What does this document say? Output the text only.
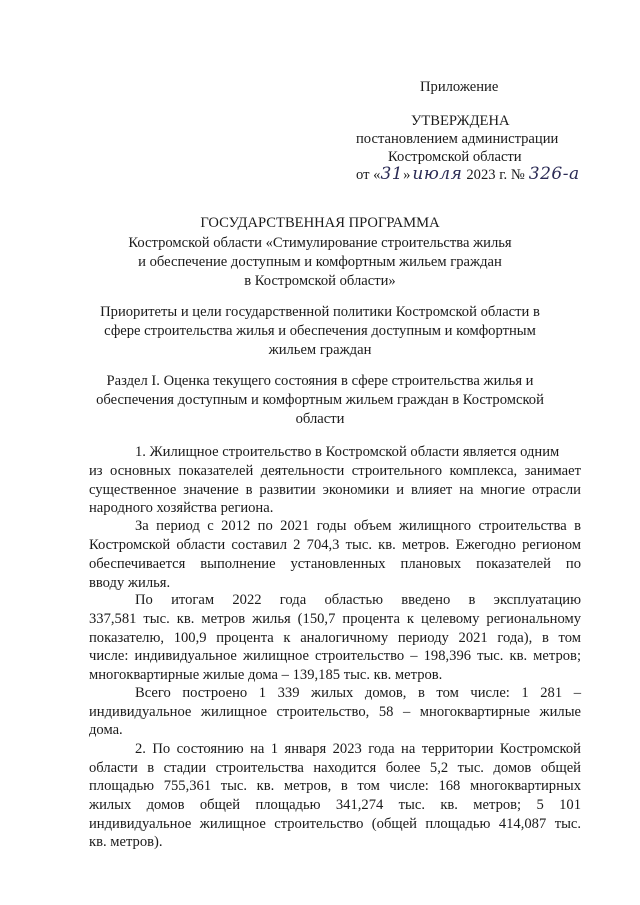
Приложение
УТВЕРЖДЕНА
постановлением администрации
Костромской области
от «31» июля 2023 г. № 326-а
ГОСУДАРСТВЕННАЯ ПРОГРАММА
Костромской области «Стимулирование строительства жилья
и обеспечение доступным и комфортным жильем граждан
в Костромской области»
Приоритеты и цели государственной политики Костромской области в
сфере строительства жилья и обеспечения доступным и комфортным
жильем граждан
Раздел I. Оценка текущего состояния в сфере строительства жилья и
обеспечения доступным и комфортным жильем граждан в Костромской
области
1. Жилищное строительство в Костромской области является одним
из основных показателей деятельности строительного комплекса, занимает
существенное значение в развитии экономики и влияет на многие отрасли
народного хозяйства региона.
За период с 2012 по 2021 годы объем жилищного строительства в
Костромской области составил 2 704,3 тыс. кв. метров. Ежегодно регионом
обеспечивается выполнение установленных плановых показателей по
вводу жилья.
По итогам 2022 года областью введено в эксплуатацию
337,581 тыс. кв. метров жилья (150,7 процента к целевому региональному
показателю, 100,9 процента к аналогичному периоду 2021 года), в том
числе: индивидуальное жилищное строительство – 198,396 тыс. кв. метров;
многоквартирные жилые дома – 139,185 тыс. кв. метров.
Всего построено 1 339 жилых домов, в том числе: 1 281 –
индивидуальное жилищное строительство, 58 – многоквартирные жилые
дома.
2. По состоянию на 1 января 2023 года на территории Костромской
области в стадии строительства находится более 5,2 тыс. домов общей
площадью 755,361 тыс. кв. метров, в том числе: 168 многоквартирных
жилых домов общей площадью 341,274 тыс. кв. метров; 5 101
индивидуальное жилищное строительство (общей площадью 414,087 тыс.
кв. метров).
